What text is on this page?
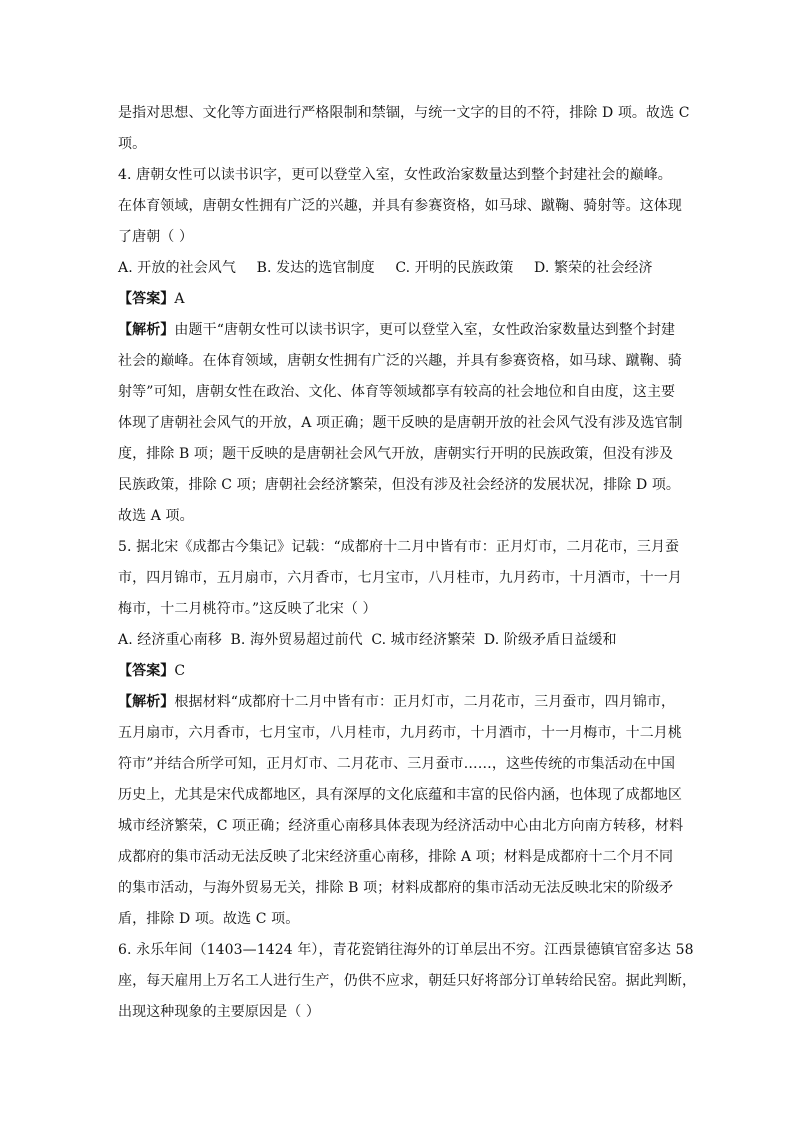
是指对思想、文化等方面进行严格限制和禁锢，与统一文字的目的不符，排除 D 项。故选 C
项。
4. 唐朝女性可以读书识字，更可以登堂入室，女性政治家数量达到整个封建社会的巅峰。
在体育领域，唐朝女性拥有广泛的兴趣，并具有参赛资格，如马球、蹴鞠、骑射等。这体现
了唐朝（ ）
A. 开放的社会风气 B. 发达的选官制度 C. 开明的民族政策 D. 繁荣的社会经济
【答案】A
【解析】由题干“唐朝女性可以读书识字，更可以登堂入室，女性政治家数量达到整个封建
社会的巅峰。在体育领域，唐朝女性拥有广泛的兴趣，并具有参赛资格，如马球、蹴鞠、骑
射等”可知，唐朝女性在政治、文化、体育等领域都享有较高的社会地位和自由度，这主要
体现了唐朝社会风气的开放，A 项正确；题干反映的是唐朝开放的社会风气没有涉及选官制
度，排除 B 项；题干反映的是唐朝社会风气开放，唐朝实行开明的民族政策，但没有涉及
民族政策，排除 C 项；唐朝社会经济繁荣，但没有涉及社会经济的发展状况，排除 D 项。
故选 A 项。
5. 据北宋《成都古今集记》记载：“成都府十二月中皆有市：正月灯市，二月花市，三月蚕
市，四月锦市，五月扇市，六月香市，七月宝市，八月桂市，九月药市，十月酒市，十一月
梅市，十二月桃符市。”这反映了北宋（ ）
A. 经济重心南移 B. 海外贸易超过前代 C. 城市经济繁荣 D. 阶级矛盾日益缓和
【答案】C
【解析】根据材料“成都府十二月中皆有市：正月灯市，二月花市，三月蚕市，四月锦市，
五月扇市，六月香市，七月宝市，八月桂市，九月药市，十月酒市，十一月梅市，十二月桃
符市”并结合所学可知，正月灯市、二月花市、三月蚕市……，这些传统的市集活动在中国
历史上，尤其是宋代成都地区，具有深厚的文化底蕴和丰富的民俗内涵，也体现了成都地区
城市经济繁荣，C 项正确；经济重心南移具体表现为经济活动中心由北方向南方转移，材料
成都府的集市活动无法反映了北宋经济重心南移，排除 A 项；材料是成都府十二个月不同
的集市活动，与海外贸易无关，排除 B 项；材料成都府的集市活动无法反映北宋的阶级矛
盾，排除 D 项。故选 C 项。
6. 永乐年间（1403—1424 年），青花瓷销往海外的订单层出不穷。江西景德镇官窑多达 58
座，每天雇用上万名工人进行生产，仍供不应求，朝廷只好将部分订单转给民窑。据此判断，
出现这种现象的主要原因是（ ）
